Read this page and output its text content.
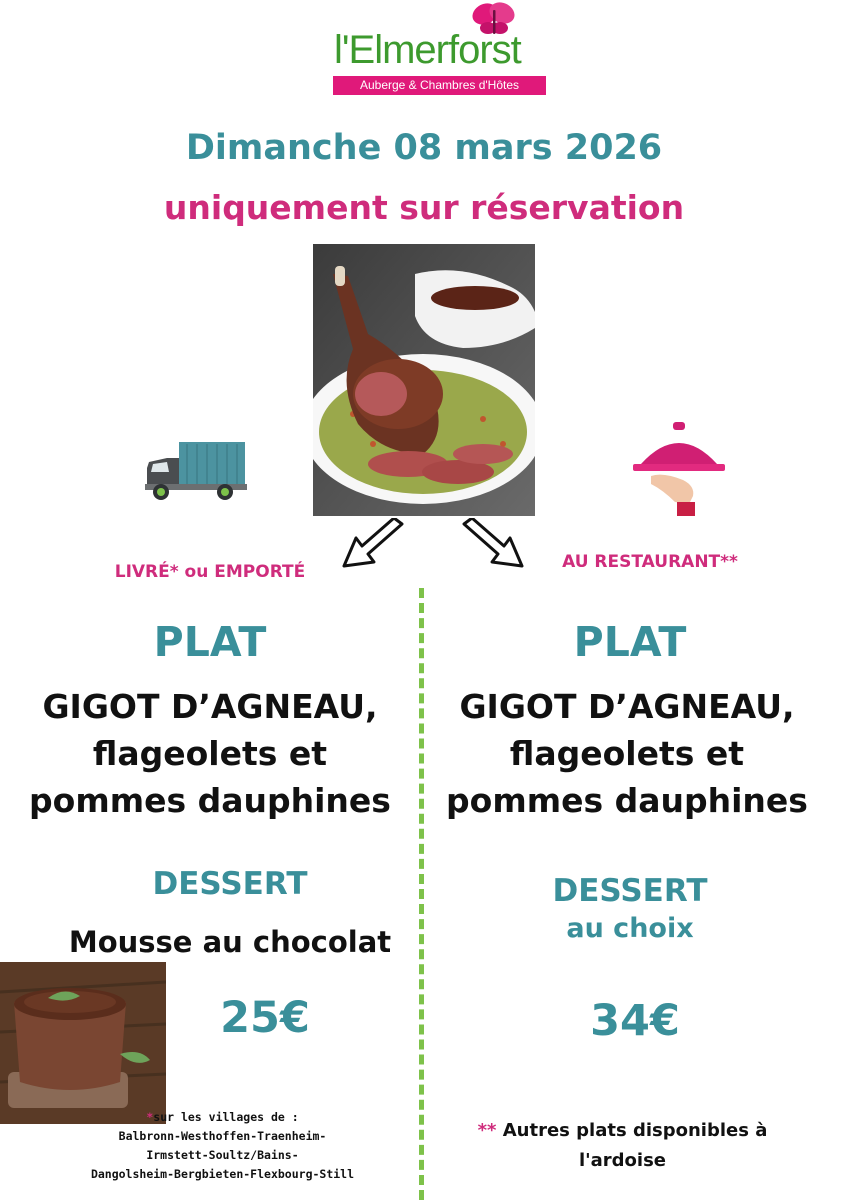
l'Elmerforst
Auberge & Chambres d'Hôtes
Dimanche 08 mars 2026
uniquement sur réservation
LIVRÉ* ou EMPORTÉ	AU RESTAURANT**
PLAT
GIGOT D’AGNEAU,
flageolets et
pommes dauphines
DESSERT
Mousse au chocolat
25€
*sur les villages de :
Balbronn-Westhoffen-Traenheim-
Irmstett-Soultz/Bains-
Dangolsheim-Bergbieten-Flexbourg-Still
PLAT
GIGOT D’AGNEAU,
flageolets et
pommes dauphines
DESSERT
au choix
34€
** Autres plats disponibles à
l'ardoise
